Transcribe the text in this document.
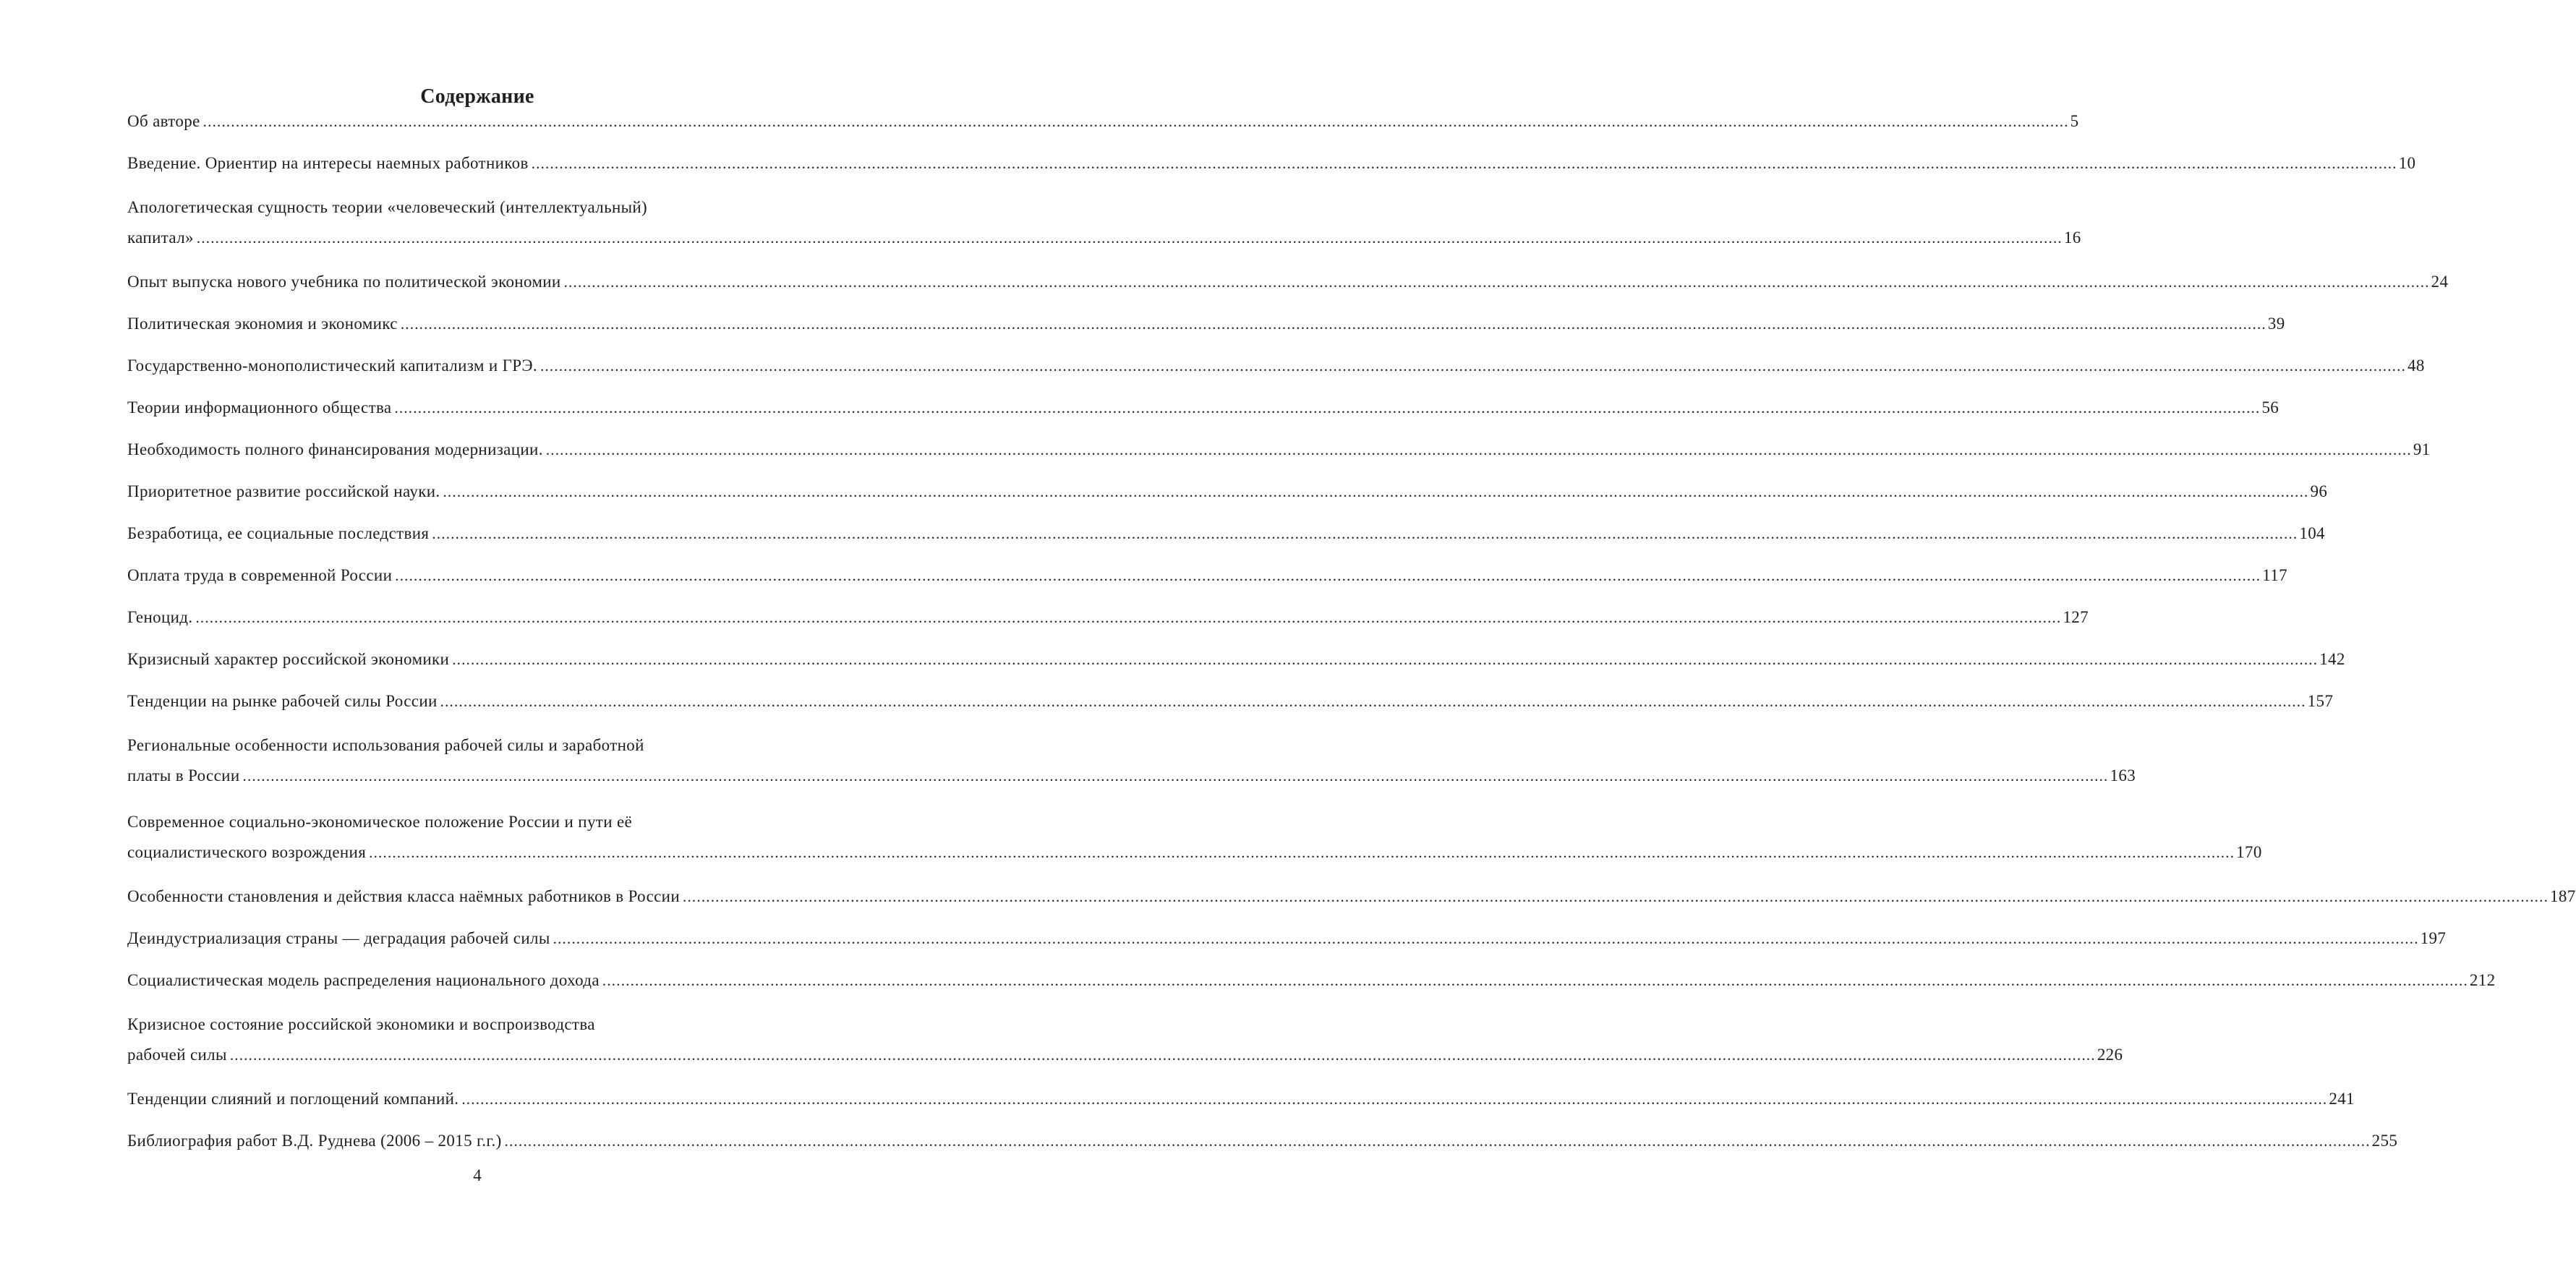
Содержание
Об авторе ................................................................................................................................................................................................................................................................................................................................................................................................................ 5
Введение. Ориентир на интересы наемных работников ................................................................................................................................................................................................................................................................................................................................................................................................................ 10
Апологетическая сущность теории «человеческий (интеллектуальный)
капитал» ................................................................................................................................................................................................................................................................................................................................................................................................................ 16
Опыт выпуска нового учебника по политической экономии ................................................................................................................................................................................................................................................................................................................................................................................................................ 24
Политическая экономия и экономикс ................................................................................................................................................................................................................................................................................................................................................................................................................ 39
Государственно-монополистический капитализм и ГРЭ. ................................................................................................................................................................................................................................................................................................................................................................................................................ 48
Теории информационного общества ................................................................................................................................................................................................................................................................................................................................................................................................................ 56
Необходимость полного финансирования модернизации. ................................................................................................................................................................................................................................................................................................................................................................................................................ 91
Приоритетное развитие российской науки. ................................................................................................................................................................................................................................................................................................................................................................................................................ 96
Безработица, ее социальные последствия ................................................................................................................................................................................................................................................................................................................................................................................................................ 104
Оплата труда в современной России ................................................................................................................................................................................................................................................................................................................................................................................................................ 117
Геноцид. ................................................................................................................................................................................................................................................................................................................................................................................................................ 127
Кризисный характер российской экономики ................................................................................................................................................................................................................................................................................................................................................................................................................ 142
Тенденции на рынке рабочей силы России ................................................................................................................................................................................................................................................................................................................................................................................................................ 157
Региональные особенности использования рабочей силы и заработной
платы в России ................................................................................................................................................................................................................................................................................................................................................................................................................ 163
Современное социально-экономическое положение России и пути её
социалистического возрождения ................................................................................................................................................................................................................................................................................................................................................................................................................ 170
Особенности становления и действия класса наёмных работников в России ................................................................................................................................................................................................................................................................................................................................................................................................................ 187
Деиндустриализация страны — деградация рабочей силы ................................................................................................................................................................................................................................................................................................................................................................................................................ 197
Социалистическая модель распределения национального дохода ................................................................................................................................................................................................................................................................................................................................................................................................................ 212
Кризисное состояние российской экономики и воспроизводства
рабочей силы ................................................................................................................................................................................................................................................................................................................................................................................................................ 226
Тенденции слияний и поглощений компаний. ................................................................................................................................................................................................................................................................................................................................................................................................................ 241
Библиография работ В.Д. Руднева (2006 – 2015 г.г.) ................................................................................................................................................................................................................................................................................................................................................................................................................ 255
4
